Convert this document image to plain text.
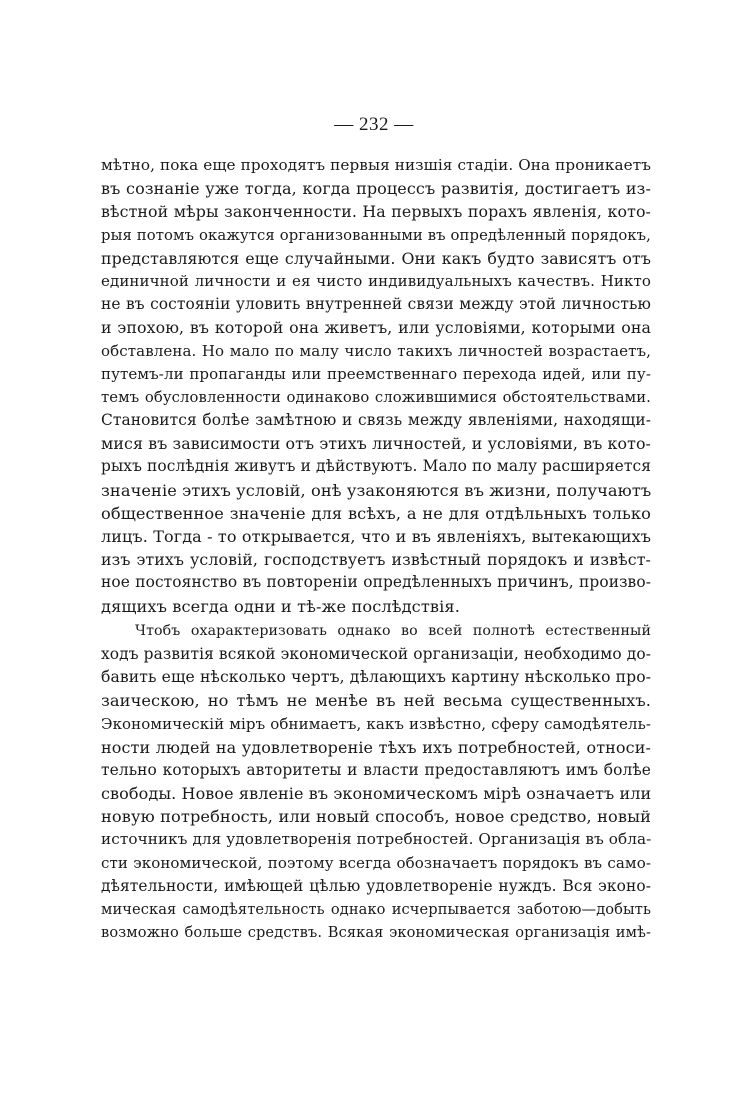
— 232 —
мѣтно, пока еще проходятъ первыя низшія стадіи. Она проникаетъ
въ сознаніе уже тогда, когда процессъ развитія, достигаетъ из-
вѣстной мѣры законченности. На первыхъ порахъ явленія, кото-
рыя потомъ окажутся организованными въ опредѣленный порядокъ,
представляются еще случайными. Они какъ будто зависятъ отъ
единичной личности и ея чисто индивидуальныхъ качествъ. Никто
не въ состояніи уловить внутренней связи между этой личностью
и эпохою, въ которой она живетъ, или условіями, которыми она
обставлена. Но мало по малу число такихъ личностей возрастаетъ,
путемъ-ли пропаганды или преемственнаго перехода идей, или пу-
темъ обусловленности одинаково сложившимися обстоятельствами.
Становится болѣе замѣтною и связь между явленіями, находящи-
мися въ зависимости отъ этихъ личностей, и условіями, въ кото-
рыхъ послѣднія живутъ и дѣйствуютъ. Мало по малу расширяется
значеніе этихъ условій, онѣ узаконяются въ жизни, получаютъ
общественное значеніе для всѣхъ, а не для отдѣльныхъ только
лицъ. Тогда - то открывается, что и въ явленіяхъ, вытекающихъ
изъ этихъ условій, господствуетъ извѣстный порядокъ и извѣст-
ное постоянство въ повтореніи опредѣленныхъ причинъ, произво-
дящихъ всегда одни и тѣ-же послѣдствія.
Чтобъ охарактеризовать однако во всей полнотѣ естественный
ходъ развитія всякой экономической организаціи, необходимо до-
бавить еще нѣсколько чертъ, дѣлающихъ картину нѣсколько про-
заическою, но тѣмъ не менѣе въ ней весьма существенныхъ.
Экономическій міръ обнимаетъ, какъ извѣстно, сферу самодѣятель-
ности людей на удовлетвореніе тѣхъ ихъ потребностей, относи-
тельно которыхъ авторитеты и власти предоставляютъ имъ болѣе
свободы. Новое явленіе въ экономическомъ мірѣ означаетъ или
новую потребность, или новый способъ, новое средство, новый
источникъ для удовлетворенія потребностей. Организація въ обла-
сти экономической, поэтому всегда обозначаетъ порядокъ въ само-
дѣятельности, имѣющей цѣлью удовлетвореніе нуждъ. Вся эконо-
мическая самодѣятельность однако исчерпывается заботою—добыть
возможно больше средствъ. Всякая экономическая организація имѣ-
